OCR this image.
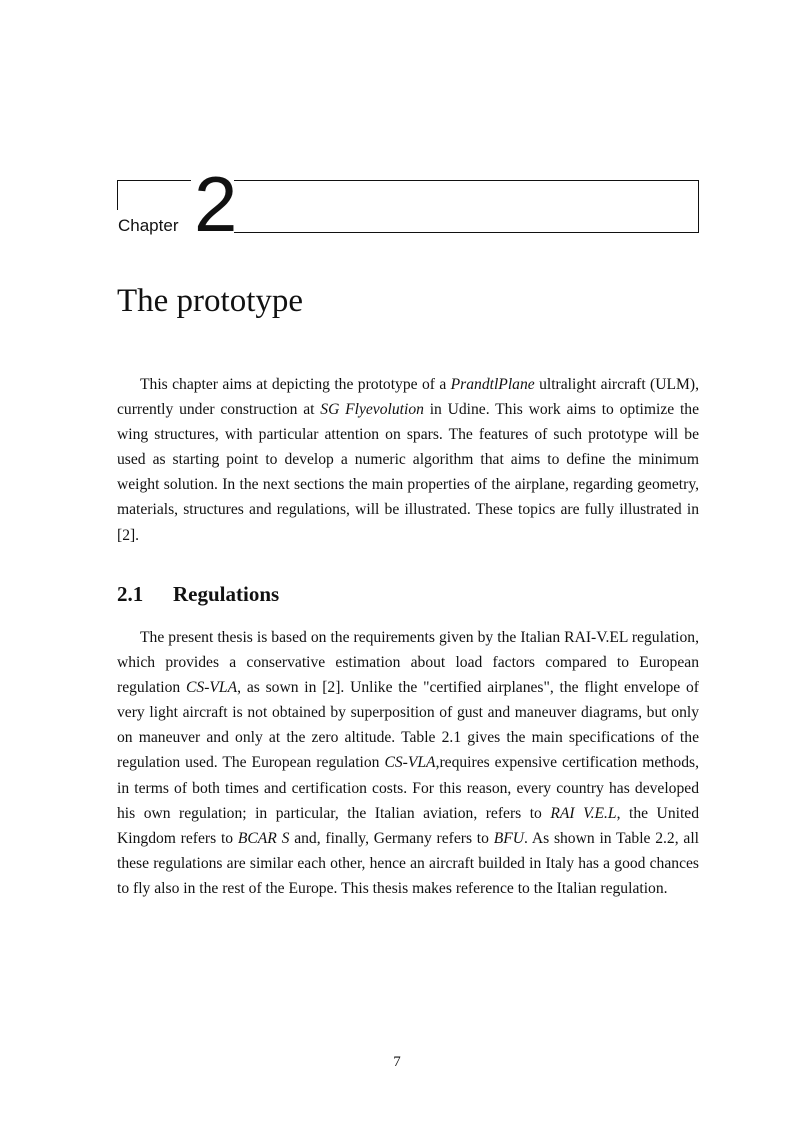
Chapter 2
The prototype

This chapter aims at depicting the prototype of a PrandtlPlane ultralight aircraft (ULM), currently under construction at SG Flyevolution in Udine. This work aims to optimize the wing structures, with particular attention on spars. The features of such prototype will be used as starting point to develop a numeric algorithm that aims to define the minimum weight solution. In the next sections the main properties of the airplane, regarding geometry, materials, structures and regulations, will be illustrated. These topics are fully illustrated in [2].

2.1 Regulations

The present thesis is based on the requirements given by the Italian RAI-V.EL regulation, which provides a conservative estimation about load factors compared to European regulation CS-VLA, as sown in [2]. Unlike the "certified airplanes", the flight envelope of very light aircraft is not obtained by superposition of gust and maneuver diagrams, but only on maneuver and only at the zero altitude. Table 2.1 gives the main specifications of the regulation used. The European regulation CS-VLA,requires expensive certification methods, in terms of both times and certification costs. For this reason, every country has developed his own regulation; in particular, the Italian aviation, refers to RAI V.E.L, the United Kingdom refers to BCAR S and, finally, Germany refers to BFU. As shown in Table 2.2, all these regulations are similar each other, hence an aircraft builded in Italy has a good chances to fly also in the rest of the Europe. This thesis makes reference to the Italian regulation.

7
